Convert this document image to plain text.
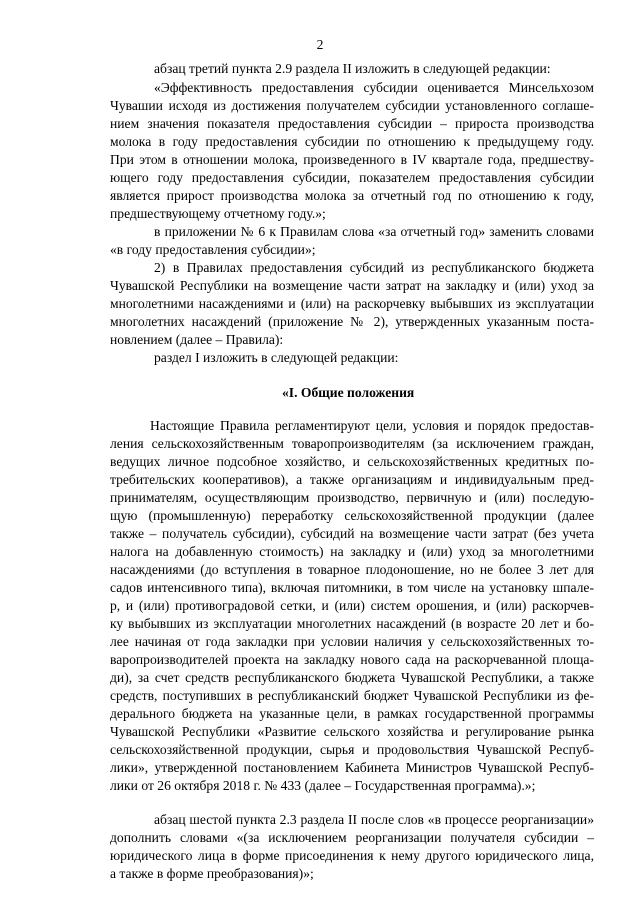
2
абзац третий пункта 2.9 раздела II изложить в следующей редакции:
«Эффективность предоставления субсидии оценивается Минсельхозом
Чувашии исходя из достижения получателем субсидии установленного соглаше-
нием значения показателя предоставления субсидии – прироста производства
молока в году предоставления субсидии по отношению к предыдущему году.
При этом в отношении молока, произведенного в IV квартале года, предшеству-
ющего году предоставления субсидии, показателем предоставления субсидии
является прирост производства молока за отчетный год по отношению к году,
предшествующему отчетному году.»;
в приложении № 6 к Правилам слова «за отчетный год» заменить словами
«в году предоставления субсидии»;
2) в Правилах предоставления субсидий из республиканского бюджета
Чувашской Республики на возмещение части затрат на закладку и (или) уход за
многолетними насаждениями и (или) на раскорчевку выбывших из эксплуатации
многолетних насаждений (приложение № 2), утвержденных указанным поста-
новлением (далее – Правила):
раздел I изложить в следующей редакции:
«I. Общие положения
Настоящие Правила регламентируют цели, условия и порядок предостав-
ления сельскохозяйственным товаропроизводителям (за исключением граждан,
ведущих личное подсобное хозяйство, и сельскохозяйственных кредитных по-
требительских кооперативов), а также организациям и индивидуальным пред-
принимателям, осуществляющим производство, первичную и (или) последую-
щую (промышленную) переработку сельскохозяйственной продукции (далее
также – получатель субсидии), субсидий на возмещение части затрат (без учета
налога на добавленную стоимость) на закладку и (или) уход за многолетними
насаждениями (до вступления в товарное плодоношение, но не более 3 лет для
садов интенсивного типа), включая питомники, в том числе на установку шпале-
р, и (или) противоградовой сетки, и (или) систем орошения, и (или) раскорчев-
ку выбывших из эксплуатации многолетних насаждений (в возрасте 20 лет и бо-
лее начиная от года закладки при условии наличия у сельскохозяйственных то-
варопроизводителей проекта на закладку нового сада на раскорчеванной площа-
ди), за счет средств республиканского бюджета Чувашской Республики, а также
средств, поступивших в республиканский бюджет Чувашской Республики из фе-
дерального бюджета на указанные цели, в рамках государственной программы
Чувашской Республики «Развитие сельского хозяйства и регулирование рынка
сельскохозяйственной продукции, сырья и продовольствия Чувашской Респуб-
лики», утвержденной постановлением Кабинета Министров Чувашской Респуб-
лики от 26 октября 2018 г. № 433 (далее – Государственная программа).»;
абзац шестой пункта 2.3 раздела II после слов «в процессе реорганизации»
дополнить словами «(за исключением реорганизации получателя субсидии –
юридического лица в форме присоединения к нему другого юридического лица,
а также в форме преобразования)»;
